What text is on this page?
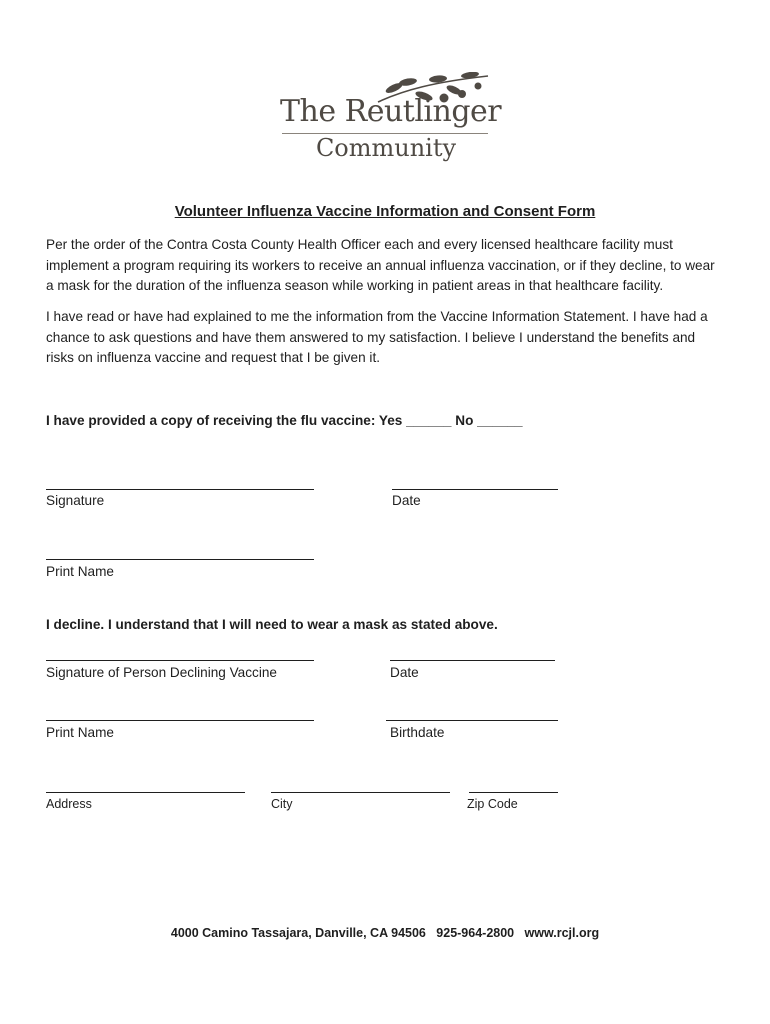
The Reutlinger
Community
Volunteer Influenza Vaccine Information and Consent Form
Per the order of the Contra Costa County Health Officer each and every licensed healthcare facility must implement a program requiring its workers to receive an annual influenza vaccination, or if they decline, to wear a mask for the duration of the influenza season while working in patient areas in that healthcare facility.
I have read or have had explained to me the information from the Vaccine Information Statement. I have had a chance to ask questions and have them answered to my satisfaction. I believe I understand the benefits and risks on influenza vaccine and request that I be given it.
I have provided a copy of receiving the flu vaccine: Yes ______ No ______
Signature	Date
Print Name
I decline. I understand that I will need to wear a mask as stated above.
Signature of Person Declining Vaccine	Date
Print Name	Birthdate
Address	City	Zip Code
4000 Camino Tassajara, Danville, CA 94506   925-964-2800   www.rcjl.org
